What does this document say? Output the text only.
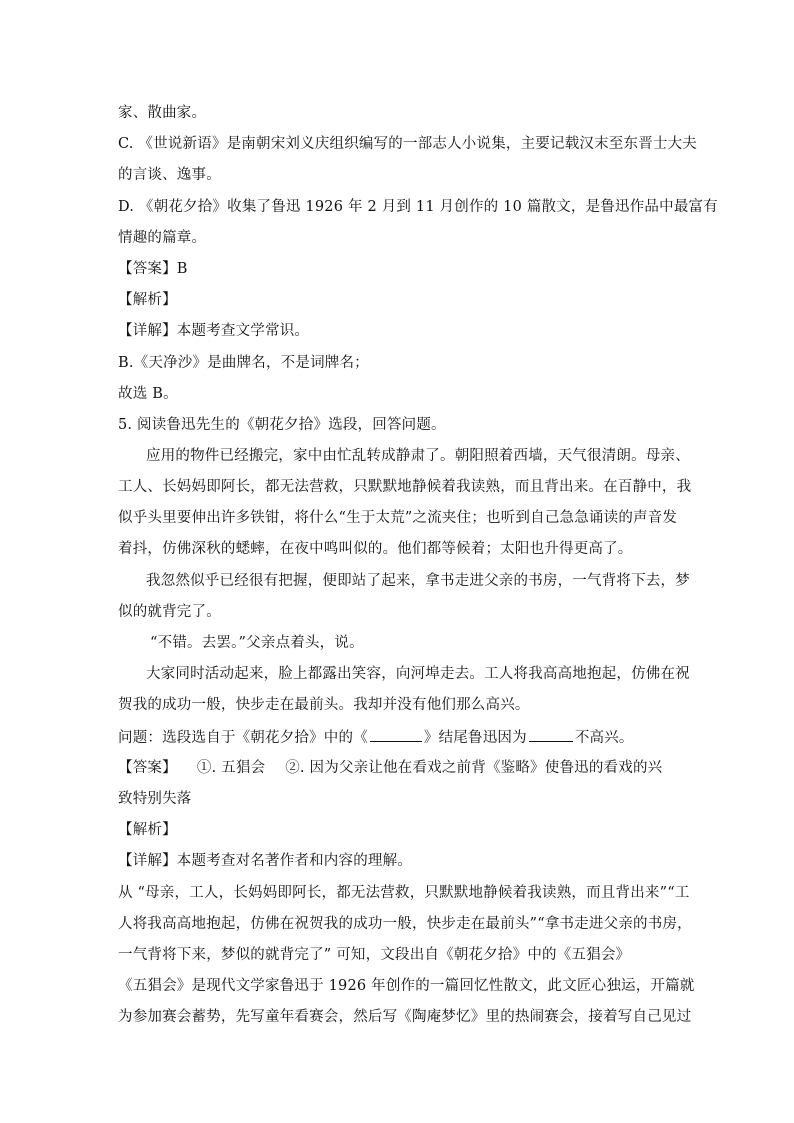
家、散曲家。
C. 《世说新语》是南朝宋刘义庆组织编写的一部志人小说集，主要记载汉末至东晋士大夫
的言谈、逸事。
D. 《朝花夕拾》收集了鲁迅 1926 年 2 月到 11 月创作的 10 篇散文，是鲁迅作品中最富有
情趣的篇章。
【答案】B
【解析】
【详解】本题考查文学常识。
B.《天净沙》是曲牌名，不是词牌名；
故选 B。
5. 阅读鲁迅先生的《朝花夕拾》选段，回答问题。
应用的物件已经搬完，家中由忙乱转成静肃了。朝阳照着西墙，天气很清朗。母亲、
工人、长妈妈即阿长，都无法营救，只默默地静候着我读熟，而且背出来。在百静中，我
似乎头里要伸出许多铁钳，将什么“生于太荒”之流夹住；也听到自己急急诵读的声音发
着抖，仿佛深秋的蟋蟀，在夜中鸣叫似的。他们都等候着；太阳也升得更高了。
我忽然似乎已经很有把握，便即站了起来，拿书走进父亲的书房，一气背将下去，梦
似的就背完了。
“不错。去罢。”父亲点着头，说。
大家同时活动起来，脸上都露出笑容，向河埠走去。工人将我高高地抱起，仿佛在祝
贺我的成功一般，快步走在最前头。我却并没有他们那么高兴。
问题：选段选自于《朝花夕拾》中的《	》结尾鲁迅因为	不高兴。
【答案】 ①. 五猖会 ②. 因为父亲让他在看戏之前背《鉴略》使鲁迅的看戏的兴
致特别失落
【解析】
【详解】本题考查对名著作者和内容的理解。
从 “母亲，工人，长妈妈即阿长，都无法营救，只默默地静候着我读熟，而且背出来”“工
人将我高高地抱起，仿佛在祝贺我的成功一般，快步走在最前头”“拿书走进父亲的书房，
一气背将下来，梦似的就背完了” 可知，文段出自《朝花夕拾》中的《五猖会》
《五猖会》是现代文学家鲁迅于 1926 年创作的一篇回忆性散文，此文匠心独运，开篇就
为参加赛会蓄势，先写童年看赛会，然后写《陶庵梦忆》里的热闹赛会，接着写自己见过
